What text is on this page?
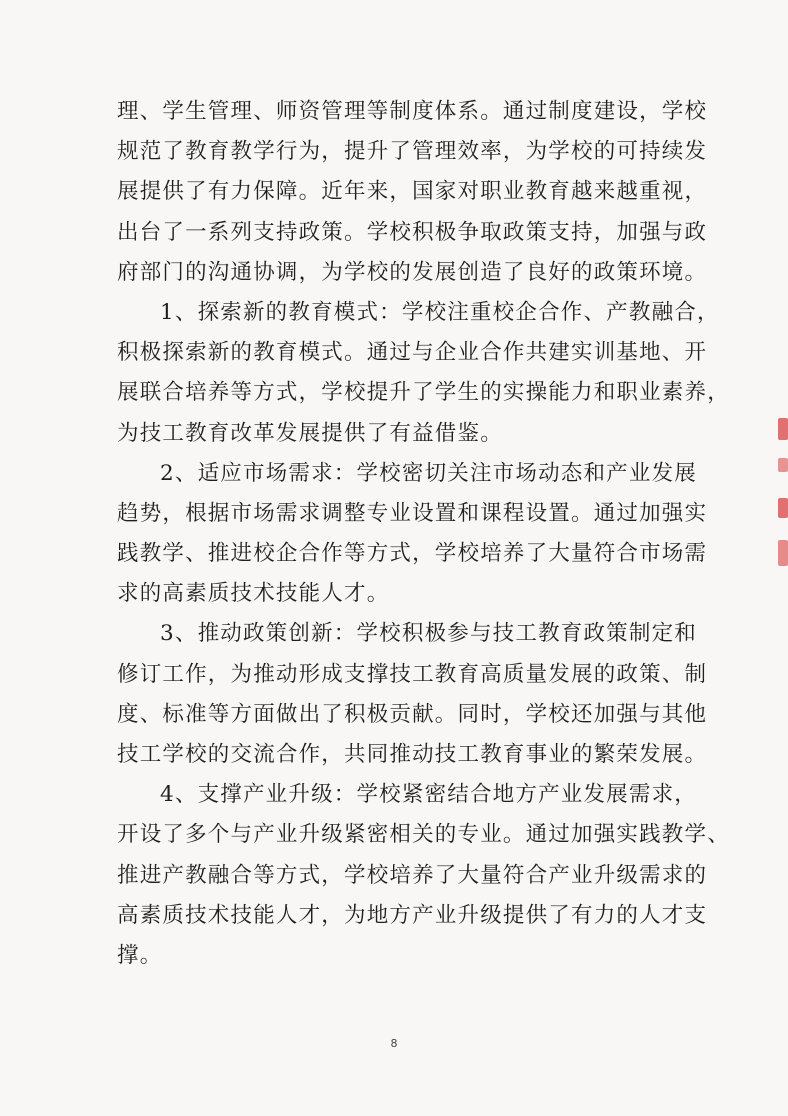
理、学生管理、师资管理等制度体系。通过制度建设，学校
规范了教育教学行为，提升了管理效率，为学校的可持续发
展提供了有力保障。近年来，国家对职业教育越来越重视，
出台了一系列支持政策。学校积极争取政策支持，加强与政
府部门的沟通协调，为学校的发展创造了良好的政策环境。
1、探索新的教育模式：学校注重校企合作、产教融合，
积极探索新的教育模式。通过与企业合作共建实训基地、开
展联合培养等方式，学校提升了学生的实操能力和职业素养，
为技工教育改革发展提供了有益借鉴。
2、适应市场需求：学校密切关注市场动态和产业发展
趋势，根据市场需求调整专业设置和课程设置。通过加强实
践教学、推进校企合作等方式，学校培养了大量符合市场需
求的高素质技术技能人才。
3、推动政策创新：学校积极参与技工教育政策制定和
修订工作，为推动形成支撑技工教育高质量发展的政策、制
度、标准等方面做出了积极贡献。同时，学校还加强与其他
技工学校的交流合作，共同推动技工教育事业的繁荣发展。
4、支撑产业升级：学校紧密结合地方产业发展需求，
开设了多个与产业升级紧密相关的专业。通过加强实践教学、
推进产教融合等方式，学校培养了大量符合产业升级需求的
高素质技术技能人才，为地方产业升级提供了有力的人才支
撑。
8
